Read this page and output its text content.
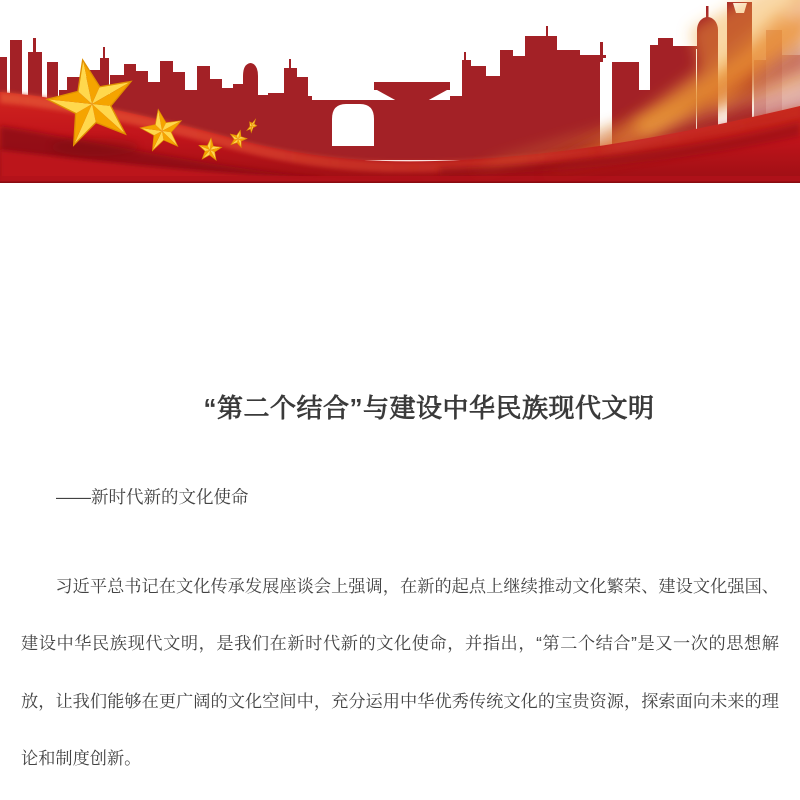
“第二个结合”与建设中华民族现代文明

——新时代新的文化使命

习近平总书记在文化传承发展座谈会上强调，在新的起点上继续推动文化繁荣、建设文化强国、建设中华民族现代文明，是我们在新时代新的文化使命，并指出，“第二个结合”是又一次的思想解放，让我们能够在更广阔的文化空间中，充分运用中华优秀传统文化的宝贵资源，探索面向未来的理论和制度创新。
